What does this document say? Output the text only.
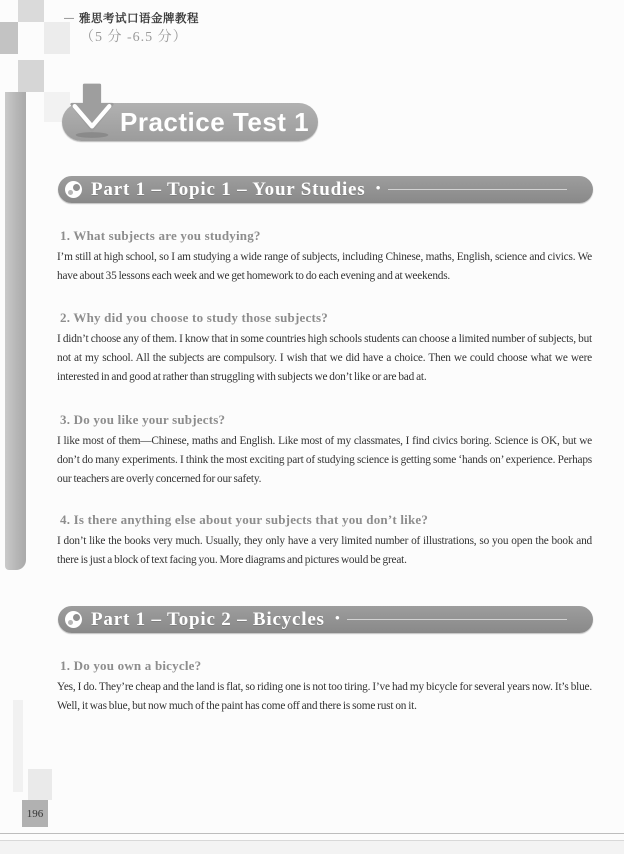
— 雅思考试口语金牌教程
（5 分 -6.5 分）
Practice Test 1
Part 1 – Topic 1 – Your Studies •
1. What subjects are you studying?
I’m still at high school, so I am studying a wide range of subjects, including Chinese, maths, English, science and civics. We have about 35 lessons each week and we get homework to do each evening and at weekends.
2. Why did you choose to study those subjects?
I didn’t choose any of them. I know that in some countries high schools students can choose a limited number of subjects, but not at my school. All the subjects are compulsory. I wish that we did have a choice. Then we could choose what we were interested in and good at rather than struggling with subjects we don’t like or are bad at.
3. Do you like your subjects?
I like most of them—Chinese, maths and English. Like most of my classmates, I find civics boring. Science is OK, but we don’t do many experiments. I think the most exciting part of studying science is getting some ‘hands on’ experience. Perhaps our teachers are overly concerned for our safety.
4. Is there anything else about your subjects that you don’t like?
I don’t like the books very much. Usually, they only have a very limited number of illustrations, so you open the book and there is just a block of text facing you. More diagrams and pictures would be great.
Part 1 – Topic 2 – Bicycles •
1. Do you own a bicycle?
Yes, I do. They’re cheap and the land is flat, so riding one is not too tiring. I’ve had my bicycle for several years now. It’s blue. Well, it was blue, but now much of the paint has come off and there is some rust on it.
196
